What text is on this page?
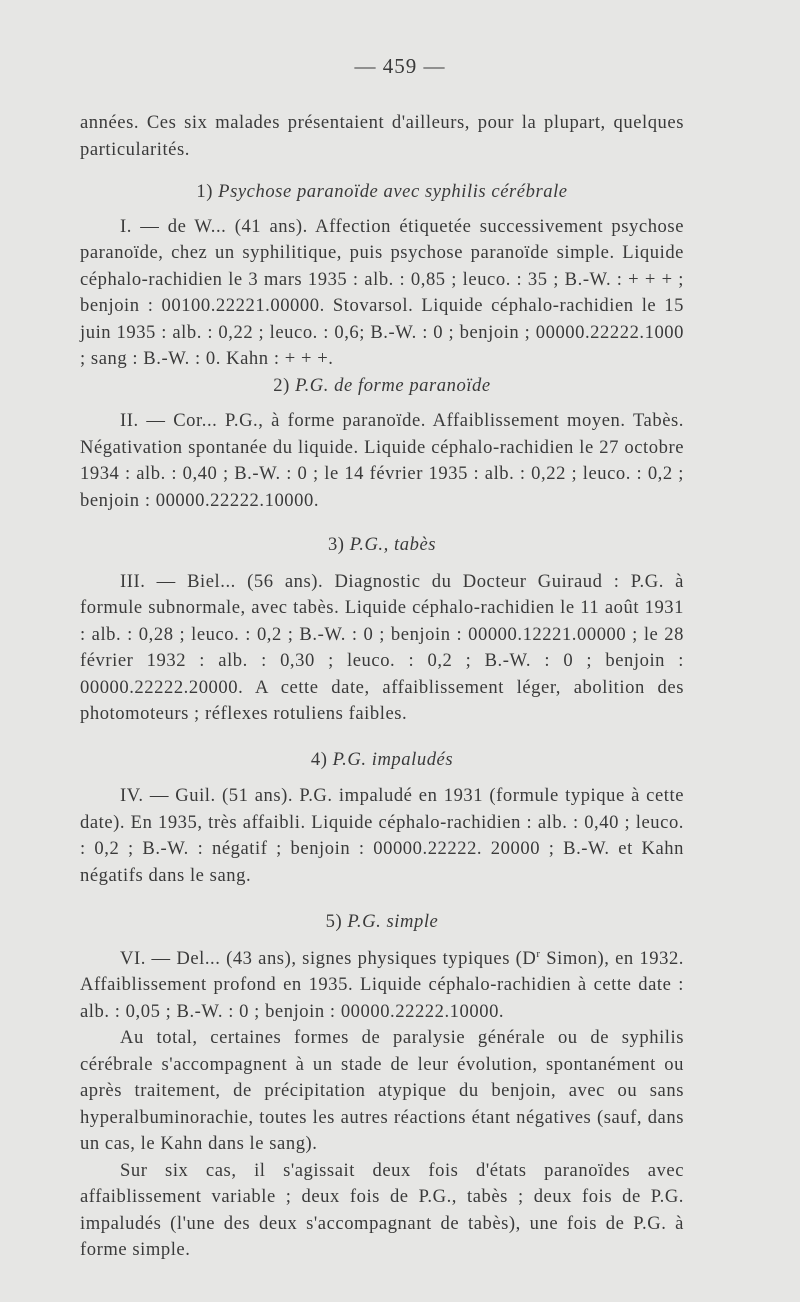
— 459 —

années. Ces six malades présentaient d'ailleurs, pour la plupart, quelques particularités.

1) Psychose paranoïde avec syphilis cérébrale

I. — de W... (41 ans). Affection étiquetée successivement psychose paranoïde, chez un syphilitique, puis psychose paranoïde simple. Liquide céphalo-rachidien le 3 mars 1935 : alb. : 0,85 ; leuco. : 35 ; B.-W. : + + + ; benjoin : 00100.22221.00000. Stovarsol. Liquide céphalo-rachidien le 15 juin 1935 : alb. : 0,22 ; leuco. : 0,6; B.-W. : 0 ; benjoin ; 00000.22222.1000 ; sang : B.-W. : 0. Kahn : + + +.

2) P.G. de forme paranoïde

II. — Cor... P.G., à forme paranoïde. Affaiblissement moyen. Tabès. Négativation spontanée du liquide. Liquide céphalo-rachidien le 27 octobre 1934 : alb. : 0,40 ; B.-W. : 0 ; le 14 février 1935 : alb. : 0,22 ; leuco. : 0,2 ; benjoin : 00000.22222.10000.

3) P.G., tabès

III. — Biel... (56 ans). Diagnostic du Docteur Guiraud : P.G. à formule subnormale, avec tabès. Liquide céphalo-rachidien le 11 août 1931 : alb. : 0,28 ; leuco. : 0,2 ; B.-W. : 0 ; benjoin : 00000.12221.00000 ; le 28 février 1932 : alb. : 0,30 ; leuco. : 0,2 ; B.-W. : 0 ; benjoin : 00000.22222.20000. A cette date, affaiblissement léger, abolition des photomoteurs ; réflexes rotuliens faibles.

4) P.G. impaludés

IV. — Guil. (51 ans). P.G. impaludé en 1931 (formule typique à cette date). En 1935, très affaibli. Liquide céphalo-rachidien : alb. : 0,40 ; leuco. : 0,2 ; B.-W. : négatif ; benjoin : 00000.22222. 20000 ; B.-W. et Kahn négatifs dans le sang.

5) P.G. simple

VI. — Del... (43 ans), signes physiques typiques ($D^r$ Simon), en 1932. Affaiblissement profond en 1935. Liquide céphalo-rachidien à cette date : alb. : 0,05 ; B.-W. : 0 ; benjoin : 00000.22222.10000.

Au total, certaines formes de paralysie générale ou de syphilis cérébrale s'accompagnent à un stade de leur évolution, spontanément ou après traitement, de précipitation atypique du benjoin, avec ou sans hyperalbuminorachie, toutes les autres réactions étant négatives (sauf, dans un cas, le Kahn dans le sang).

Sur six cas, il s'agissait deux fois d'états paranoïdes avec affaiblissement variable ; deux fois de P.G., tabès ; deux fois de P.G. impaludés (l'une des deux s'accompagnant de tabès), une fois de P.G. à forme simple.
